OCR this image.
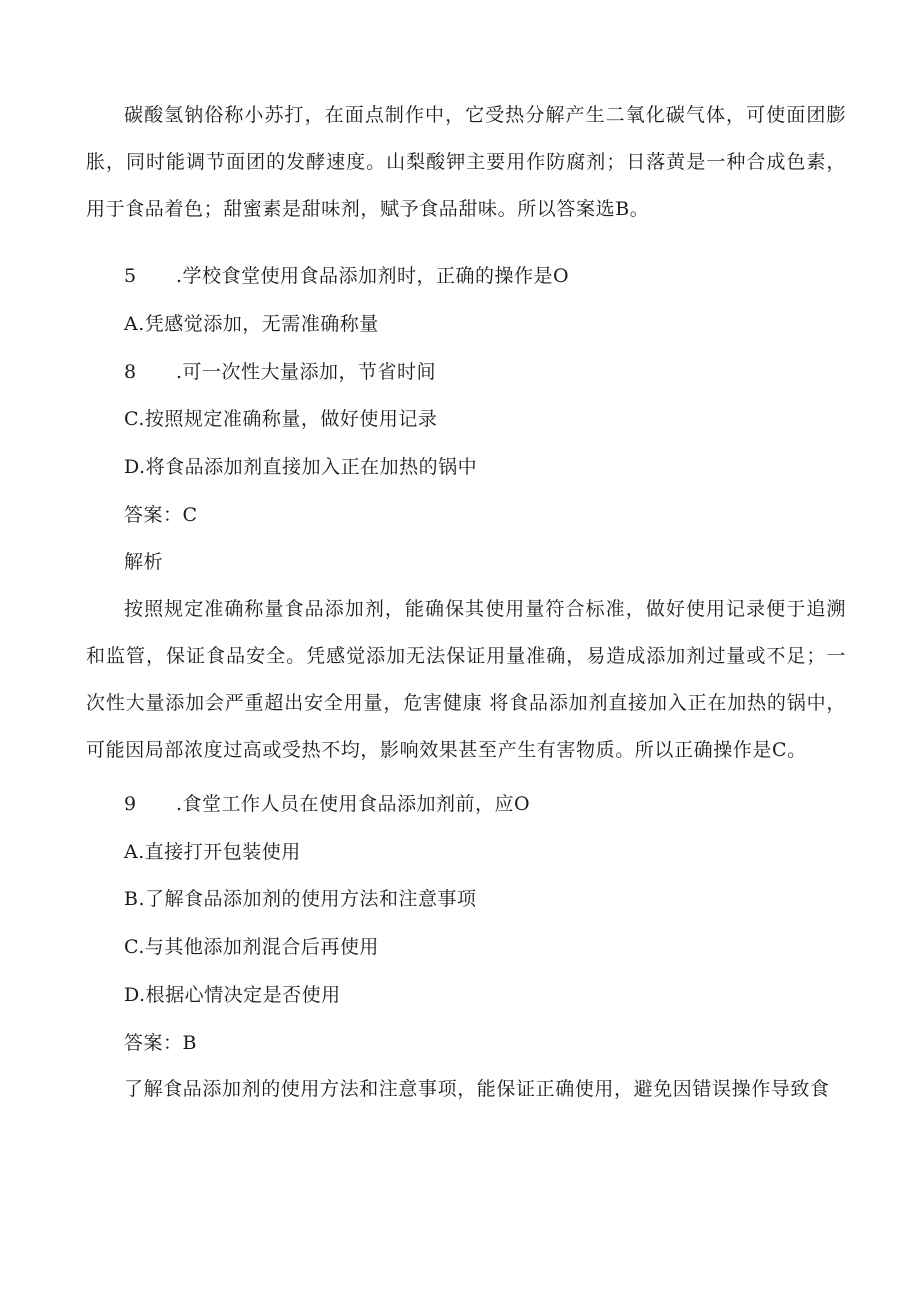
碳酸氢钠俗称小苏打，在面点制作中，它受热分解产生二氧化碳气体，可使面团膨胀，同时能调节面团的发酵速度。山梨酸钾主要用作防腐剂；日落黄是一种合成色素，用于食品着色；甜蜜素是甜味剂，赋予食品甜味。所以答案选B。

5 .学校食堂使用食品添加剂时，正确的操作是O
A.凭感觉添加，无需准确称量
8 .可一次性大量添加，节省时间
C.按照规定准确称量，做好使用记录
D.将食品添加剂直接加入正在加热的锅中
答案：C
解析

按照规定准确称量食品添加剂，能确保其使用量符合标准，做好使用记录便于追溯和监管，保证食品安全。凭感觉添加无法保证用量准确，易造成添加剂过量或不足；一次性大量添加会严重超出安全用量，危害健康 将食品添加剂直接加入正在加热的锅中，可能因局部浓度过高或受热不均，影响效果甚至产生有害物质。所以正确操作是C。

9 .食堂工作人员在使用食品添加剂前，应O
A.直接打开包装使用
B.了解食品添加剂的使用方法和注意事项
C.与其他添加剂混合后再使用
D.根据心情决定是否使用
答案：B

了解食品添加剂的使用方法和注意事项，能保证正确使用，避免因错误操作导致食
